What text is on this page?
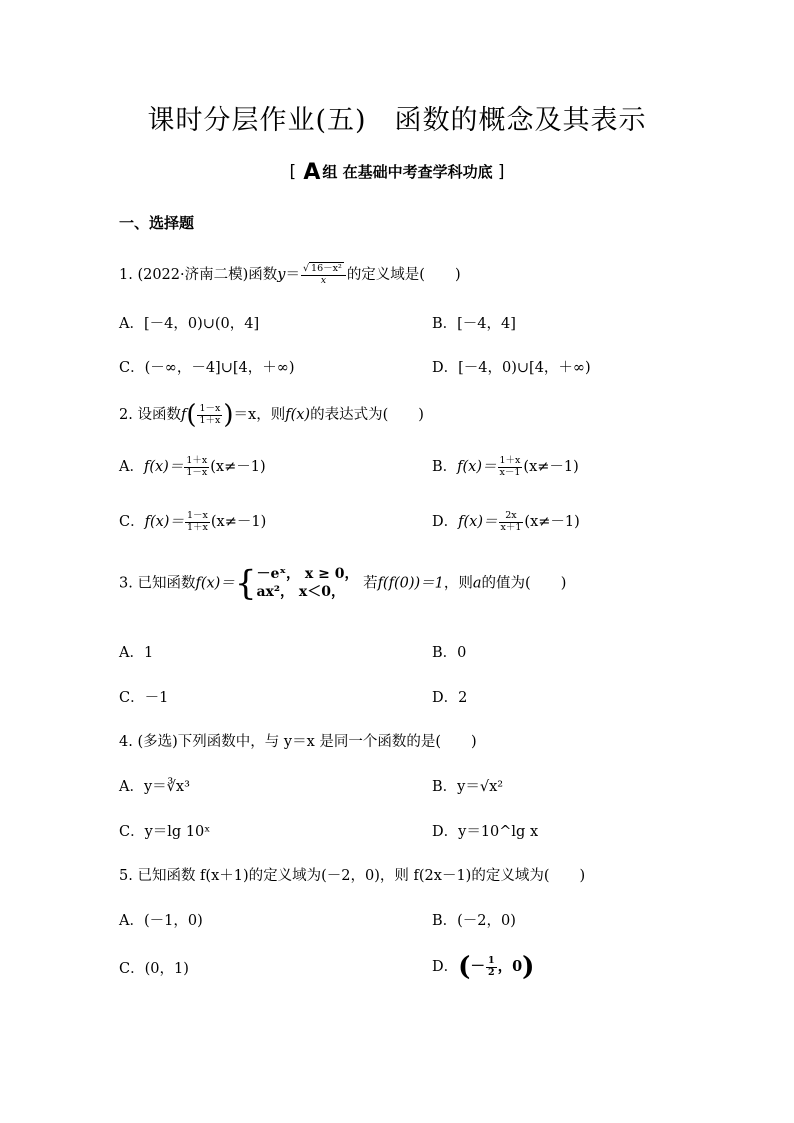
课时分层作业(五) 函数的概念及其表示
[ A 组 在基础中考查学科功底 ]
一、选择题
1. (2022·济南二模)函数$y= \frac{\text{√ 16－x²}}{x}$ 的定义域是( )
A．[－4，0)∪(0，4]	B．[－4，4]
C．(－∞，－4]∪[4，＋∞)	D．[－4，0)∪[4，＋∞)
2. 设函数$f( \frac{1-x}{1+x} )=x$，则f(x)的表达式为( )
A．$f(x)= \frac{1+x}{1-x} (x\ne-1)$	B．$f(x)= \frac{1+x}{x-1} (x\ne-1)$
C．$f(x)= \frac{1-x}{1+x} (x\ne-1)$	D．$f(x)= \frac{2x}{x+1} (x\ne-1)$
3. 已知函数f(x)＝{ －eˣ， x ≥ 0，
ax²， x＜0，	若f(f(0))＝1，则a的值为( )
A．1	B．0
C．－1	D．2
4. (多选)下列函数中，与 y＝x 是同一个函数的是( )
A．y＝∛x³	B．y＝√x²
C．y＝lg 10ˣ	D．y＝10^lg x
5. 已知函数 f(x＋1)的定义域为(－2，0)，则 f(2x－1)的定义域为( )
A．(－1，0)	B．(－2，0)
C．(0，1)	D．(－ $\frac{1}{2}$ ，0)
